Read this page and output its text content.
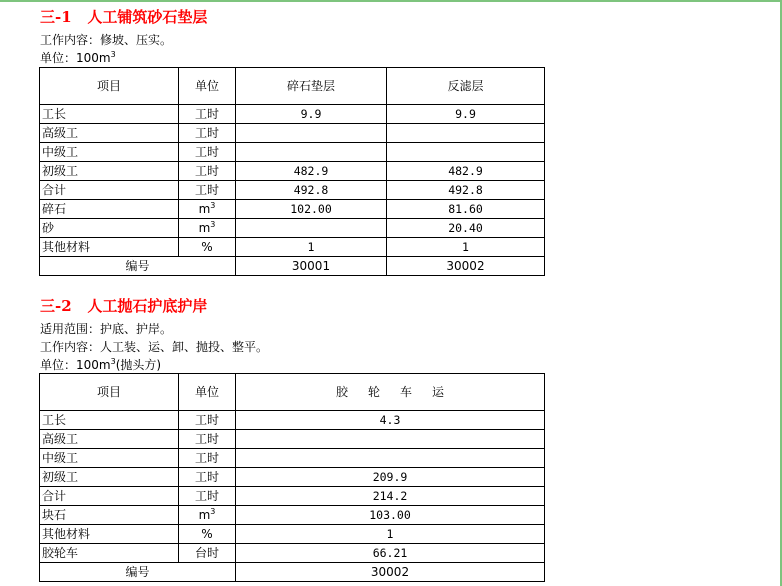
三-1   人工铺筑砂石垫层
工作内容：修坡、压实。
单位：$100m^3$
项目	单位	碎石垫层	反滤层
工长	工时	9.9	9.9
高级工	工时		
中级工	工时		
初级工	工时	482.9	482.9
合计	工时	492.8	492.8
碎石	$m^3$	102.00	81.60
砂	$m^3$		20.40
其他材料	%	1	1
编号		30001	30002
三-2   人工抛石护底护岸
适用范围：护底、护岸。
工作内容：人工装、运、卸、抛投、整平。
单位：$100m^3$(抛头方)
项目	单位	胶轮车运
工长	工时	4.3
高级工	工时	
中级工	工时	
初级工	工时	209.9
合计	工时	214.2
块石	$m^3$	103.00
其他材料	%	1
胶轮车	台时	66.21
编号		30002
